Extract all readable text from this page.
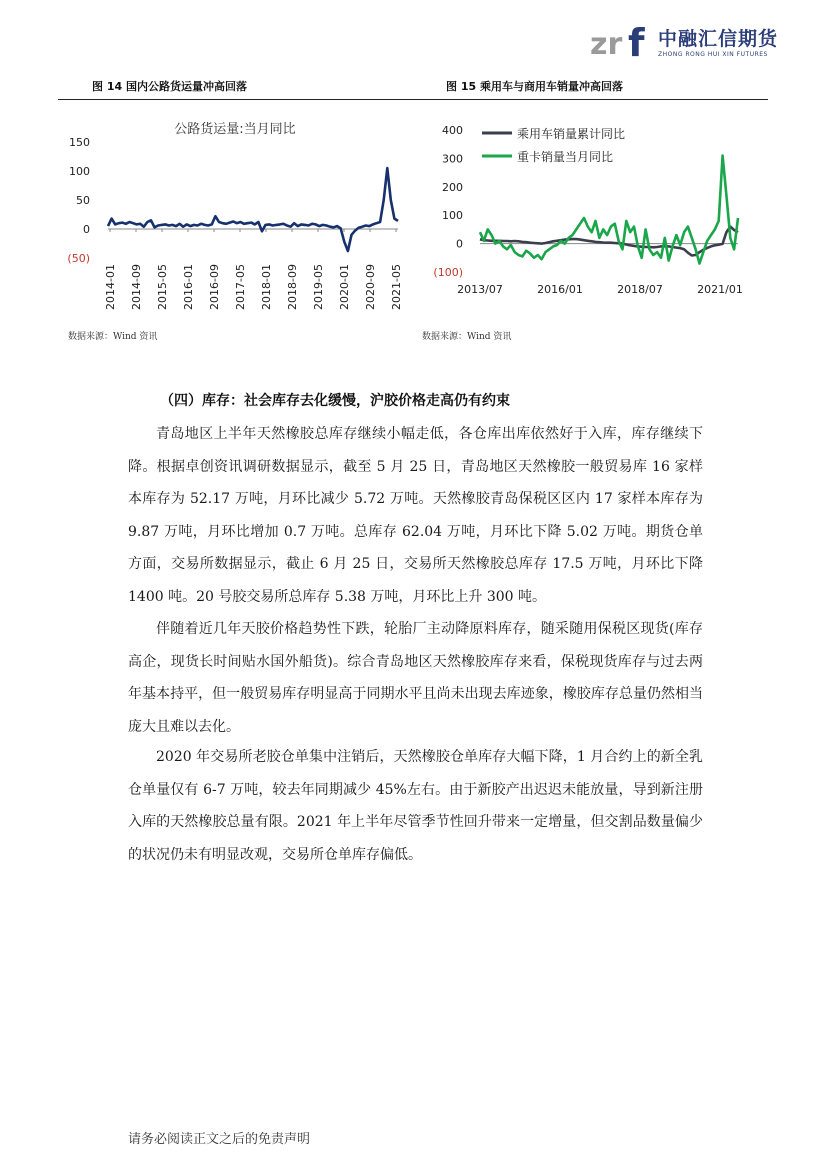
zr f 中融汇信期货
ZHONG RONG HUI XIN FUTURES
图 14 国内公路货运量冲高回落	图 15 乘用车与商用车销量冲高回落
公路货运量:当月同比
150
100
50
0
(50)
2014-01 2014-09 2015-05 2016-01 2016-09 2017-05 2018-01 2018-09 2019-05 2020-01 2020-09 2021-05
400
300
200
100
0
(100)
2013/07	2016/01	2018/07	2021/01
乘用车销量累计同比
重卡销量当月同比
数据来源：Wind 资讯	数据来源：Wind 资讯
（四）库存：社会库存去化缓慢，沪胶价格走高仍有约束

青岛地区上半年天然橡胶总库存继续小幅走低，各仓库出库依然好于入库，库存继续下降。根据卓创资讯调研数据显示，截至 5 月 25 日，青岛地区天然橡胶一般贸易库 16 家样本库存为 52.17 万吨，月环比减少 5.72 万吨。天然橡胶青岛保税区区内 17 家样本库存为 9.87 万吨，月环比增加 0.7 万吨。总库存 62.04 万吨，月环比下降 5.02 万吨。期货仓单方面，交易所数据显示，截止 6 月 25 日，交易所天然橡胶总库存 17.5 万吨，月环比下降 1400 吨。20 号胶交易所总库存 5.38 万吨，月环比上升 300 吨。

伴随着近几年天胶价格趋势性下跌，轮胎厂主动降原料库存，随采随用保税区现货(库存高企，现货长时间贴水国外船货)。综合青岛地区天然橡胶库存来看，保税现货库存与过去两年基本持平，但一般贸易库存明显高于同期水平且尚未出现去库迹象，橡胶库存总量仍然相当庞大且难以去化。

2020 年交易所老胶仓单集中注销后，天然橡胶仓单库存大幅下降，1 月合约上的新全乳仓单量仅有 6-7 万吨，较去年同期减少 45%左右。由于新胶产出迟迟未能放量，导到新注册入库的天然橡胶总量有限。2021 年上半年尽管季节性回升带来一定增量，但交割品数量偏少的状况仍未有明显改观，交易所仓单库存偏低。

请务必阅读正文之后的免责声明
